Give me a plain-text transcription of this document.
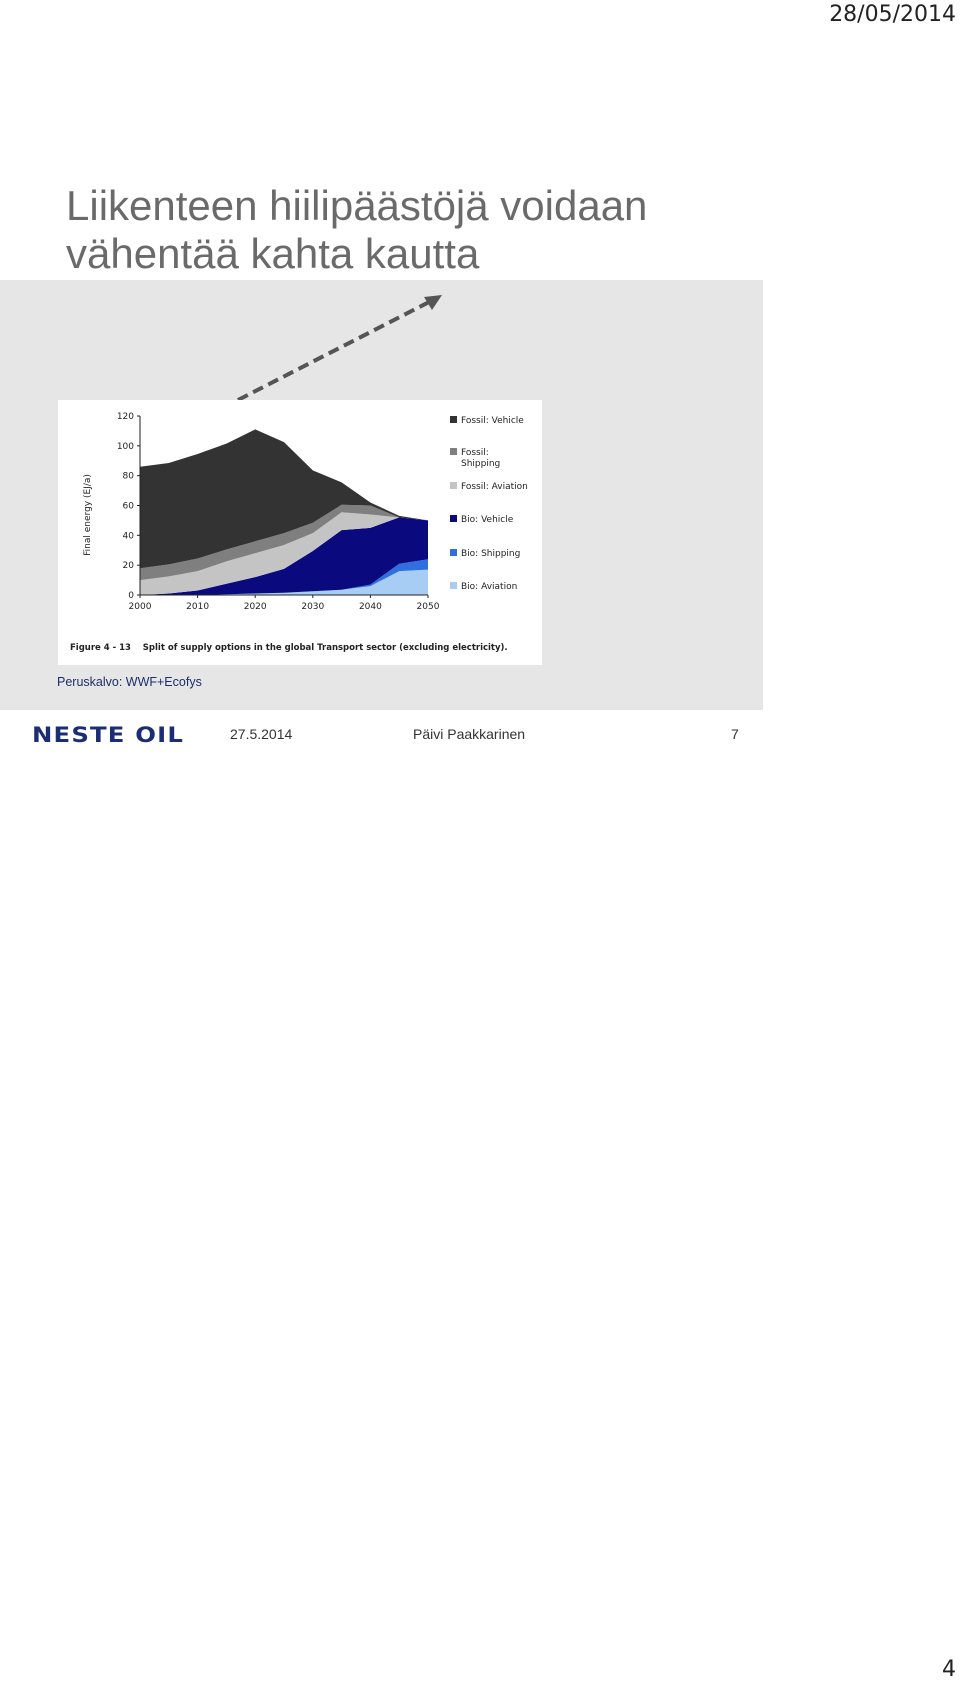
28/05/2014
Liikenteen hiilipäästöjä voidaan
vähentää kahta kautta
0
20
40
60
80
100
120
2000	2010	2020	2030	2040	2050
Final energy (EJ/a)
Fossil: Vehicle
Fossil: Shipping
Fossil: Aviation
Bio: Vehicle
Bio: Shipping
Bio: Aviation
Figure 4 - 13    Split of supply options in the global Transport sector (excluding electricity).
Peruskalvo: WWF+Ecofys
NESTE OIL	27.5.2014	Päivi Paakkarinen	7
4
